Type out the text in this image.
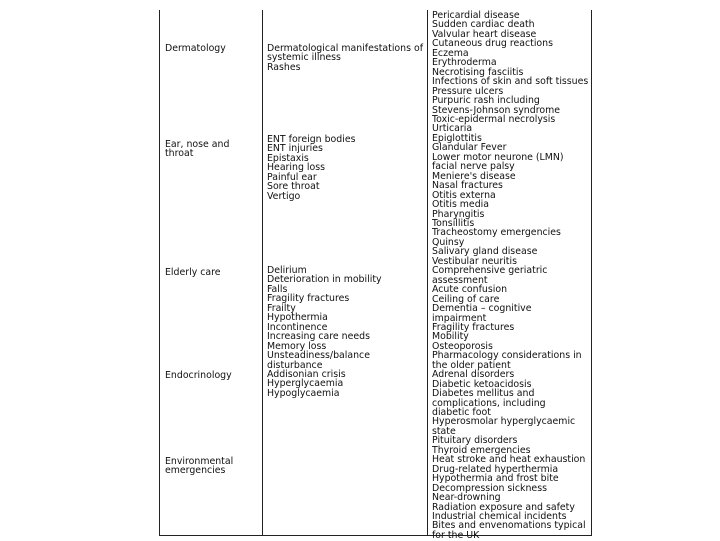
Dermatology
Ear, nose and
throat
Elderly care
Endocrinology
Environmental
emergencies
Dermatological manifestations of
systemic illness
Rashes
ENT foreign bodies
ENT injuries
Epistaxis
Hearing loss
Painful ear
Sore throat
Vertigo
Delirium
Deterioration in mobility
Falls
Fragility fractures
Frailty
Hypothermia
Incontinence
Increasing care needs
Memory loss
Unsteadiness/balance
disturbance
Addisonian crisis
Hyperglycaemia
Hypoglycaemia
Pericardial disease
Sudden cardiac death
Valvular heart disease
Cutaneous drug reactions
Eczema
Erythroderma
Necrotising fasciitis
Infections of skin and soft tissues
Pressure ulcers
Purpuric rash including
Stevens-Johnson syndrome
Toxic-epidermal necrolysis
Urticaria
Epiglottitis
Glandular Fever
Lower motor neurone (LMN)
facial nerve palsy
Meniere's disease
Nasal fractures
Otitis externa
Otitis media
Pharyngitis
Tonsillitis
Tracheostomy emergencies
Quinsy
Salivary gland disease
Vestibular neuritis
Comprehensive geriatric
assessment
Acute confusion
Ceiling of care
Dementia – cognitive
impairment
Fragility fractures
Mobility
Osteoporosis
Pharmacology considerations in
the older patient
Adrenal disorders
Diabetic ketoacidosis
Diabetes mellitus and
complications, including
diabetic foot
Hyperosmolar hyperglycaemic
state
Pituitary disorders
Thyroid emergencies
Heat stroke and heat exhaustion
Drug-related hyperthermia
Hypothermia and frost bite
Decompression sickness
Near-drowning
Radiation exposure and safety
Industrial chemical incidents
Bites and envenomations typical
for the UK
